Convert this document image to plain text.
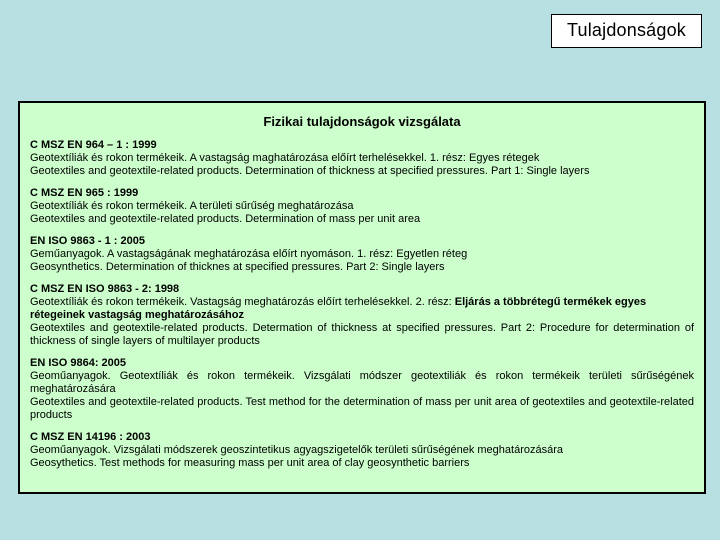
Tulajdonságok
Fizikai tulajdonságok vizsgálata
C MSZ EN 964 – 1 : 1999
Geotextíliák és rokon termékeik. A vastagság maghatározása előírt terhelésekkel. 1. rész: Egyes rétegek
Geotextiles and geotextile-related products. Determination of thickness at specified pressures. Part 1: Single layers
C MSZ EN 965 : 1999
Geotextíliák és rokon termékeik. A területi sűrűség meghatározása
Geotextiles and geotextile-related products. Determination of mass per unit area
EN ISO 9863 - 1 : 2005
Geműanyagok. A vastagságának meghatározása előírt nyomáson. 1. rész: Egyetlen réteg
Geosynthetics. Determination of thicknes at specified pressures. Part 2: Single layers
C MSZ EN ISO 9863 - 2: 1998
Geotextíliák és rokon termékeik. Vastagság meghatározás előírt terhelésekkel. 2. rész: Eljárás a többrétegű termékek egyes rétegeinek vastagság meghatározásához
Geotextiles and geotextile-related products. Determation of thickness at specified pressures. Part 2: Procedure for determination of thickness of single layers of multilayer products
EN ISO 9864: 2005
Geoműanyagok. Geotextíliák és rokon termékeik. Vizsgálati módszer geotextiliák és rokon termékeik területi sűrűségének meghatározására
Geotextiles and geotextile-related products. Test method for the determination of mass per unit area of geotextiles and geotextile-related products
C MSZ EN 14196 : 2003
Geoműanyagok. Vizsgálati módszerek geoszintetikus agyagszigetelők területi sűrűségének meghatározására
Geosythetics. Test methods for measuring mass per unit area of clay geosynthetic barriers
